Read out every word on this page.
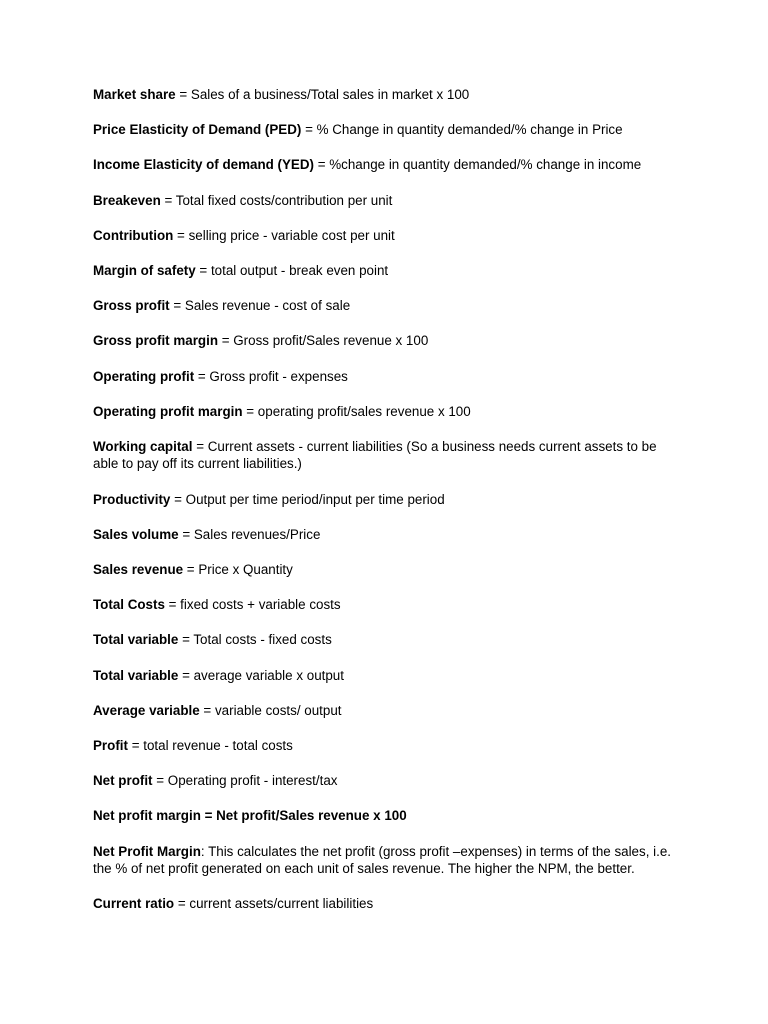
Market share = Sales of a business/Total sales in market x 100

Price Elasticity of Demand (PED) = % Change in quantity demanded/% change in Price

Income Elasticity of demand (YED) = %change in quantity demanded/% change in income

Breakeven = Total fixed costs/contribution per unit

Contribution = selling price - variable cost per unit

Margin of safety = total output - break even point

Gross profit = Sales revenue - cost of sale

Gross profit margin = Gross profit/Sales revenue x 100

Operating profit = Gross profit - expenses

Operating profit margin = operating profit/sales revenue x 100

Working capital = Current assets - current liabilities (So a business needs current assets to be able to pay off its current liabilities.)

Productivity = Output per time period/input per time period

Sales volume = Sales revenues/Price

Sales revenue = Price x Quantity

Total Costs = fixed costs + variable costs

Total variable = Total costs - fixed costs

Total variable = average variable x output

Average variable = variable costs/ output

Profit = total revenue - total costs

Net profit = Operating profit - interest/tax

Net profit margin = Net profit/Sales revenue x 100

Net Profit Margin: This calculates the net profit (gross profit –expenses) in terms of the sales, i.e. the % of net profit generated on each unit of sales revenue. The higher the NPM, the better.

Current ratio = current assets/current liabilities
